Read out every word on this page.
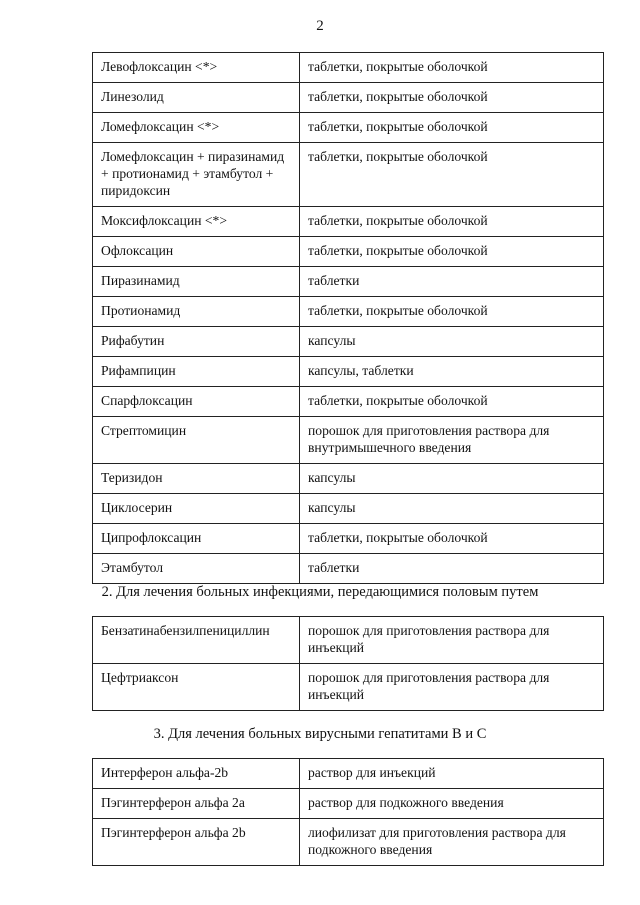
2
Левофлоксацин <*>	таблетки, покрытые оболочкой
Линезолид	таблетки, покрытые оболочкой
Ломефлоксацин <*>	таблетки, покрытые оболочкой
Ломефлоксацин + пиразинамид + протионамид + этамбутол + пиридоксин	таблетки, покрытые оболочкой
Моксифлоксацин <*>	таблетки, покрытые оболочкой
Офлоксацин	таблетки, покрытые оболочкой
Пиразинамид	таблетки
Протионамид	таблетки, покрытые оболочкой
Рифабутин	капсулы
Рифампицин	капсулы, таблетки
Спарфлоксацин	таблетки, покрытые оболочкой
Стрептомицин	порошок для приготовления раствора для внутримышечного введения
Теризидон	капсулы
Циклосерин	капсулы
Ципрофлоксацин	таблетки, покрытые оболочкой
Этамбутол	таблетки
2. Для лечения больных инфекциями, передающимися половым путем
Бензатинабензилпенициллин	порошок для приготовления раствора для инъекций
Цефтриаксон	порошок для приготовления раствора для инъекций
3. Для лечения больных вирусными гепатитами В и С
Интерферон альфа-2b	раствор для инъекций
Пэгинтерферон альфа 2а	раствор для подкожного введения
Пэгинтерферон альфа 2b	лиофилизат для приготовления раствора для подкожного введения
